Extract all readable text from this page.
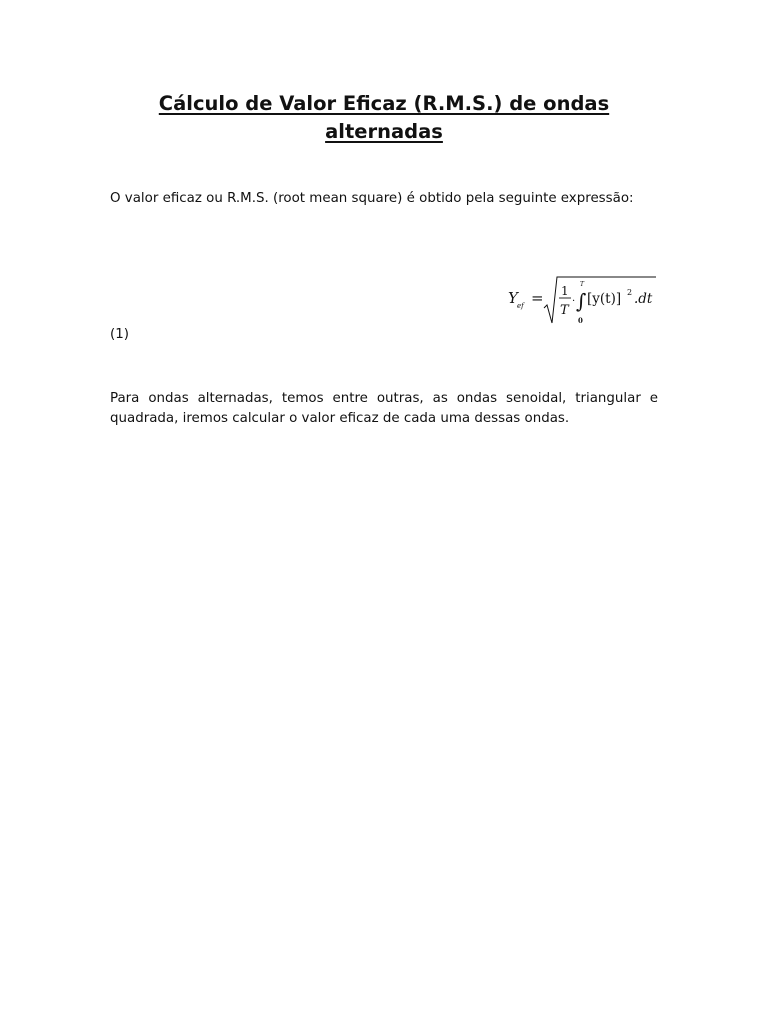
Cálculo de Valor Eficaz (R.M.S.) de ondas
alternadas

O valor eficaz ou R.M.S. (root mean square) é obtido pela seguinte expressão:

Y ef = 1
T
· ∫
T
0
[y(t)] 2 .dt

(1)

Para ondas alternadas, temos entre outras, as ondas senoidal, triangular e quadrada, iremos calcular o valor eficaz de cada uma dessas ondas.
